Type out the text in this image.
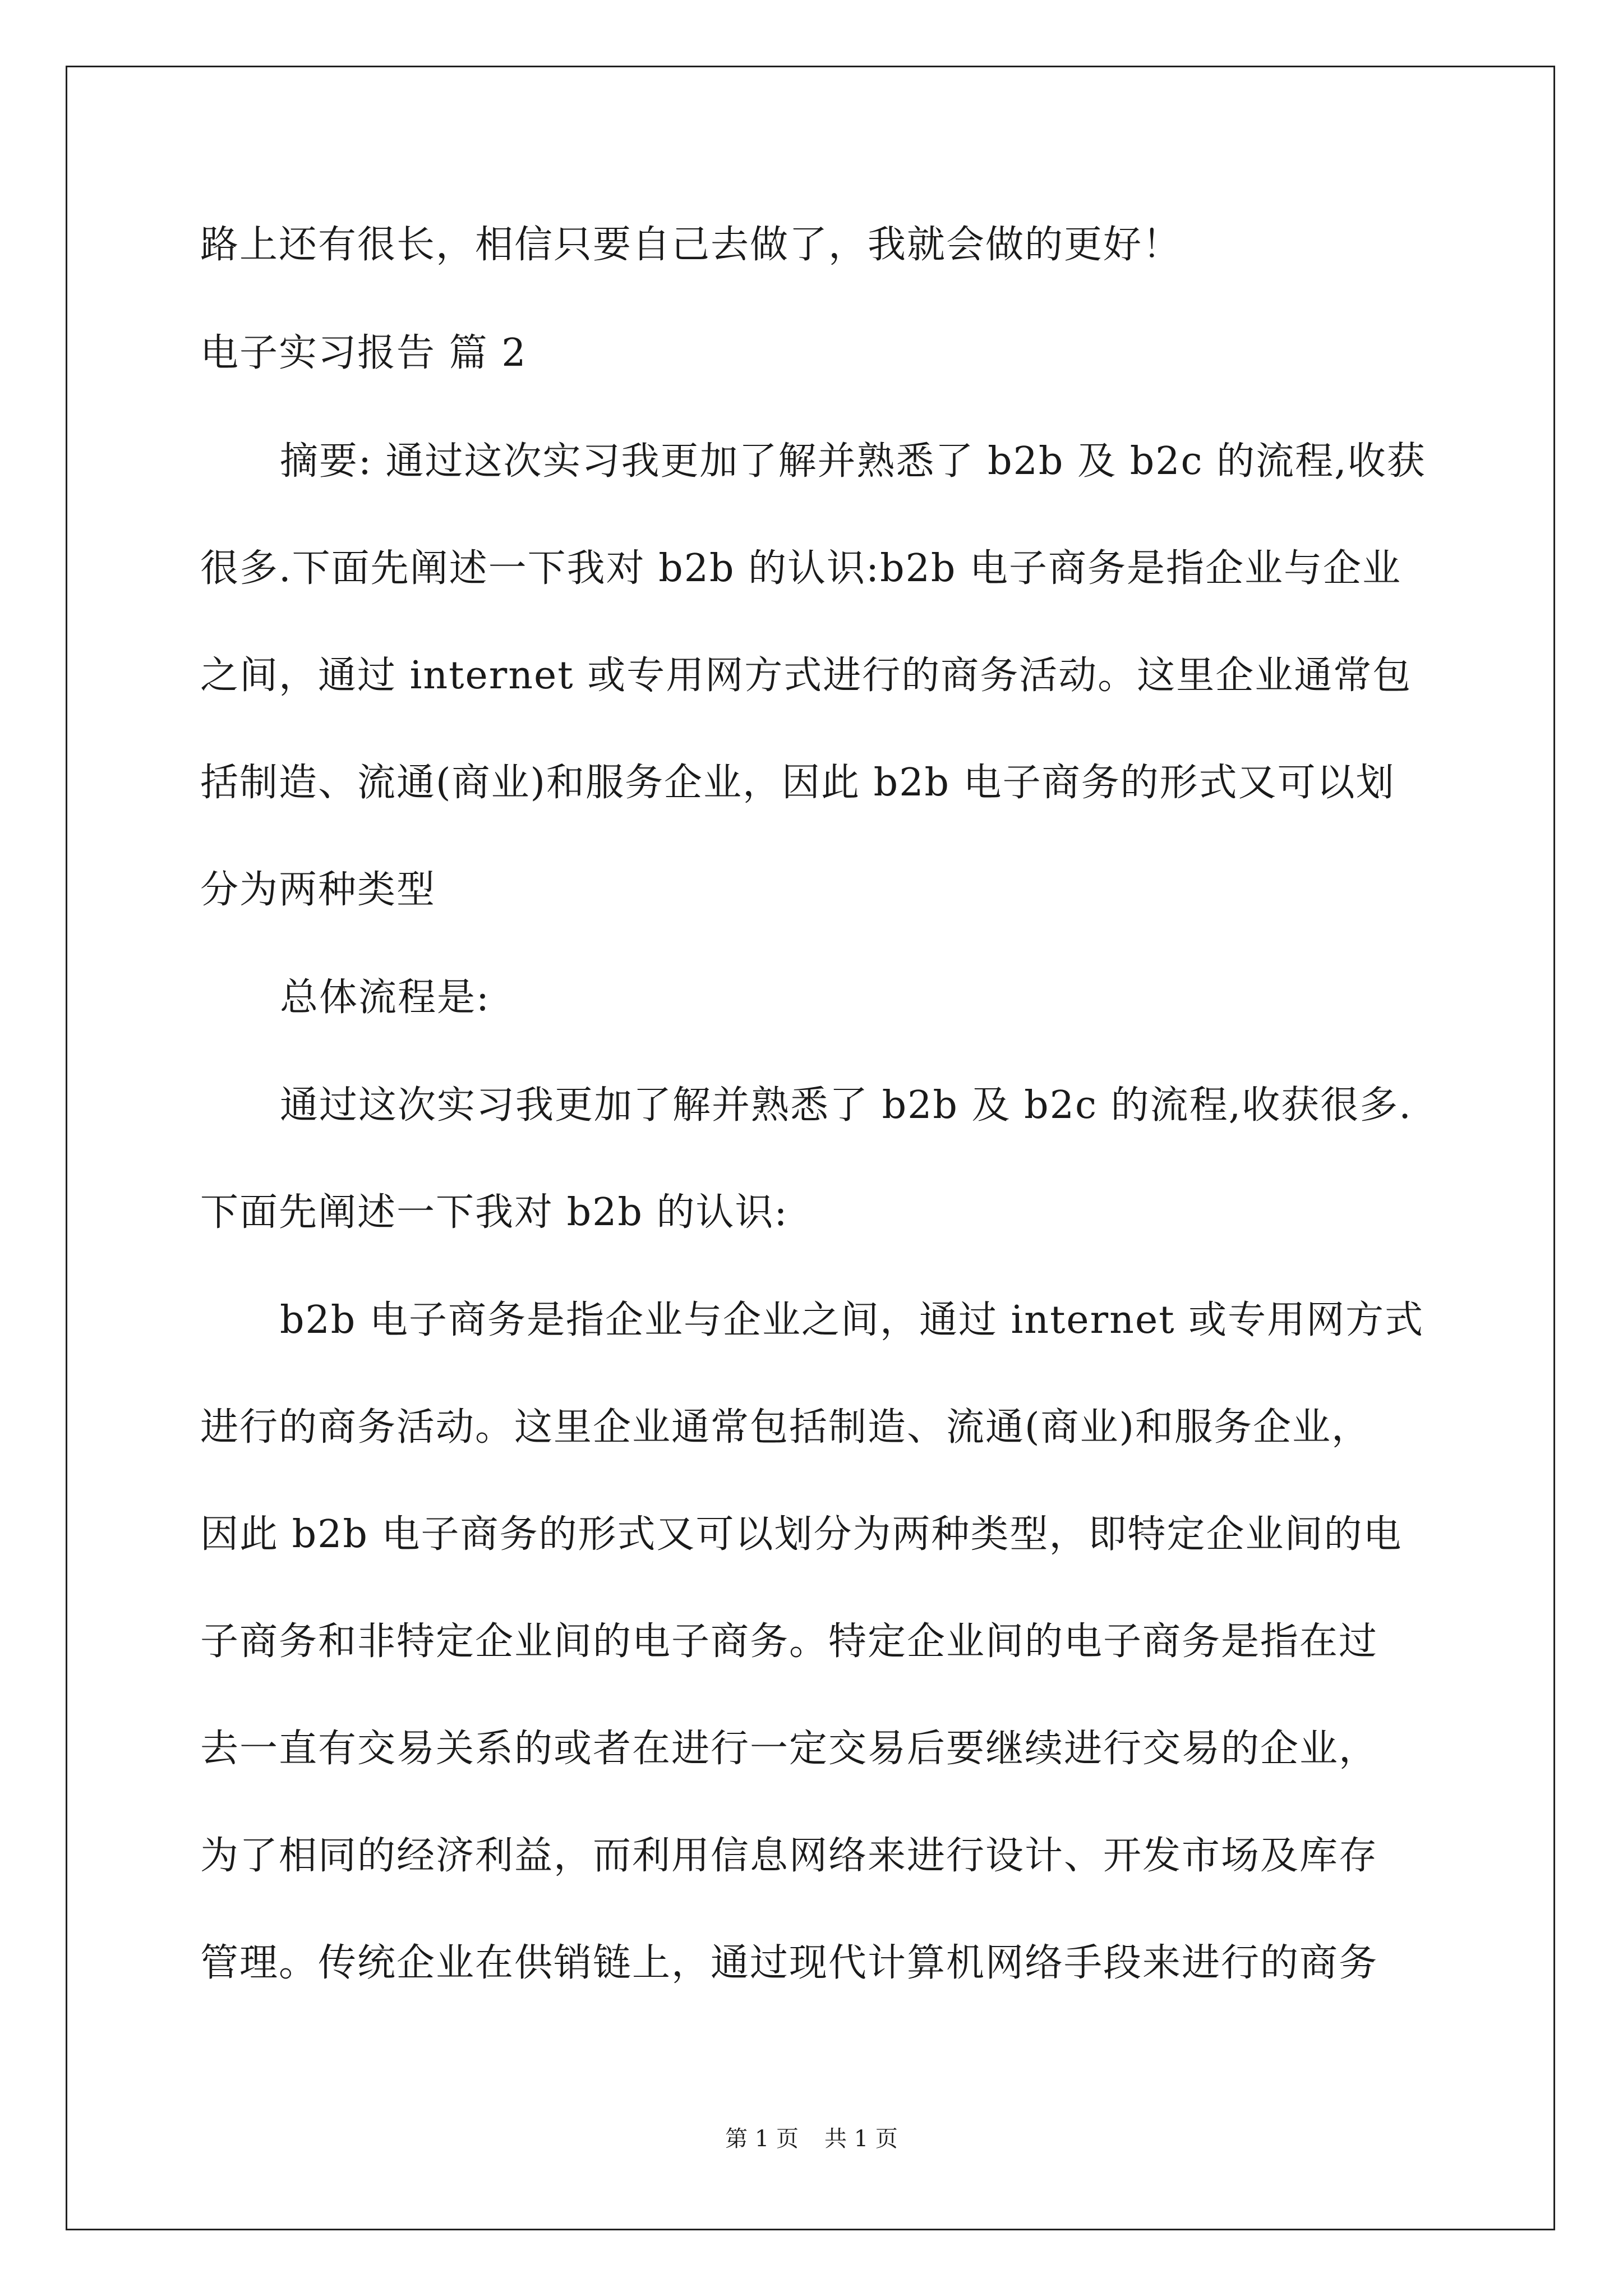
路上还有很长，相信只要自己去做了，我就会做的更好！

电子实习报告 篇 2

摘要: 通过这次实习我更加了解并熟悉了 b2b 及 b2c 的流程,收获

很多.下面先阐述一下我对 b2b 的认识:b2b 电子商务是指企业与企业

之间，通过 internet 或专用网方式进行的商务活动。这里企业通常包

括制造、流通(商业)和服务企业，因此 b2b 电子商务的形式又可以划

分为两种类型

总体流程是:

通过这次实习我更加了解并熟悉了 b2b 及 b2c 的流程,收获很多.

下面先阐述一下我对 b2b 的认识:

b2b 电子商务是指企业与企业之间，通过 internet 或专用网方式

进行的商务活动。这里企业通常包括制造、流通(商业)和服务企业，

因此 b2b 电子商务的形式又可以划分为两种类型，即特定企业间的电

子商务和非特定企业间的电子商务。特定企业间的电子商务是指在过

去一直有交易关系的或者在进行一定交易后要继续进行交易的企业，

为了相同的经济利益，而利用信息网络来进行设计、开发市场及库存

管理。传统企业在供销链上，通过现代计算机网络手段来进行的商务

第 1 页 共 1 页
